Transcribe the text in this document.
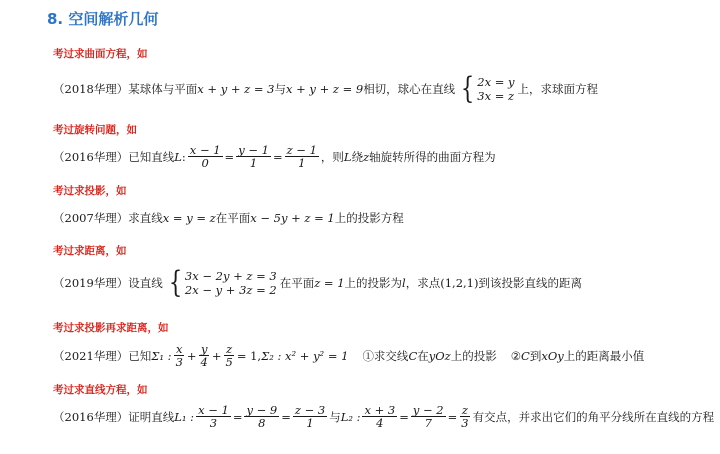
8. 空间解析几何
考过求曲面方程，如
（2018华理） 某球体与平面 x + y + z = 3 与 x + y + z = 9 相切，球心在直线 { 2x = y
3x = z 上，求球面方程
考过旋转问题，如
（2016华理） 已知直线 L : $\frac{x - 1}{0} = \frac{y - 1}{1} = \frac{z - 1}{1}$ ，则 L 绕 z 轴旋转所得的曲面方程为
考过求投影，如
（2007华理） 求直线 x = y = z 在平面 x − 5y + z = 1 上的投影方程
考过求距离，如
（2019华理） 设直线 { 3x − 2y + z = 3
2x − y + 3z = 2 在平面 z = 1 上的投影为 l ，求点 (1,2,1) 到该投影直线的距离
考过求投影再求距离，如
（2021华理） 已知 Σ₁ : $\frac{x}{3} + \frac{y}{4} + \frac{z}{5} = 1$, Σ₂ : x² + y² = 1 ①求交线 C 在 yOz 上的投影 ② C 到 xOy 上的距离最小值
考过求直线方程，如
（2016华理） 证明直线 L₁ : $\frac{x - 1}{3} = \frac{y - 9}{8} = \frac{z - 3}{1}$ 与 L₂ : $\frac{x + 3}{4} = \frac{y - 2}{7} = \frac{z}{3}$ 有交点，并求出它们的角平分线所在直线的方程
